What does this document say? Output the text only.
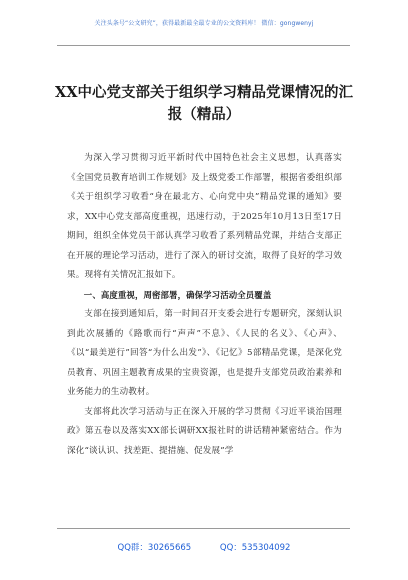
关注头条号“公文研究”，获得最新最全最专业的公文资料库！ 微信：gongwenyj
XX中心党支部关于组织学习精品党课情况的汇报（精品）

为深入学习贯彻习近平新时代中国特色社会主义思想，认真落实《全国党员教育培训工作规划》及上级党委工作部署，根据省委组织部《关于组织学习收看“身在最北方、心向党中央”精品党课的通知》要求，XX中心党支部高度重视，迅速行动，于2025年10月13日至17日期间，组织全体党员干部认真学习收看了系列精品党课，并结合支部正在开展的理论学习活动，进行了深入的研讨交流，取得了良好的学习效果。现将有关情况汇报如下。

一、高度重视，周密部署，确保学习活动全员覆盖

支部在接到通知后，第一时间召开支委会进行专题研究，深刻认识到此次展播的《路歌而行“声声”不息》、《人民的名义》、《心声》、《以“最美逆行”回答“为什么出发”》、《记忆》5部精品党课，是深化党员教育、巩固主题教育成果的宝贵资源，也是提升支部党员政治素养和业务能力的生动教材。

支部将此次学习活动与正在深入开展的学习贯彻《习近平谈治国理政》第五卷以及落实XX部长调研XX报社时的讲话精神紧密结合。作为深化“谈认识、找差距、提措施、促发展”学

QQ群：30265665	QQ：535304092
